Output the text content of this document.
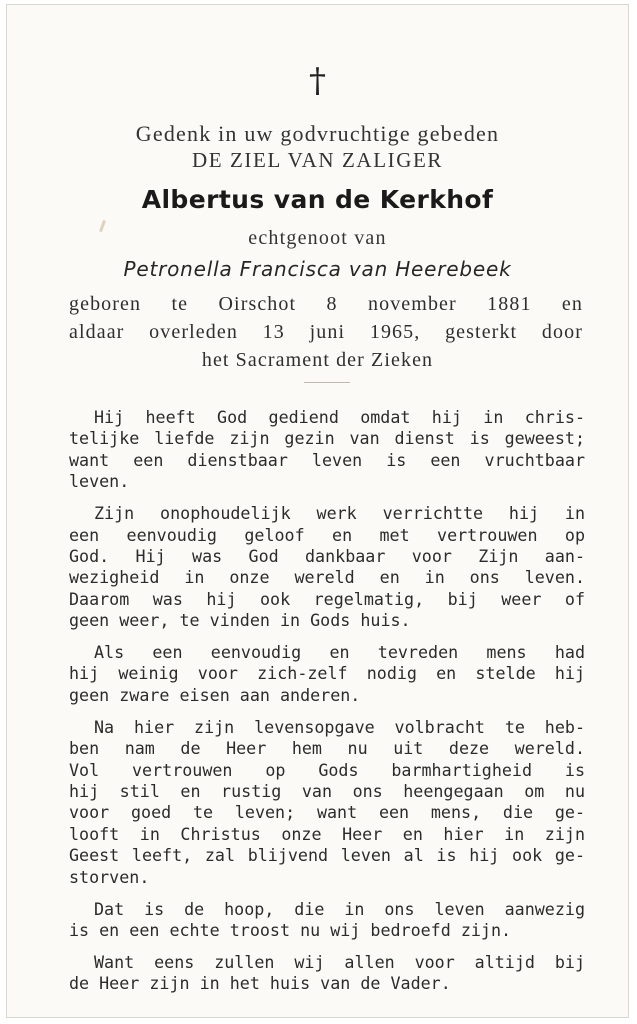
†
Gedenk in uw godvruchtige gebeden
DE ZIEL VAN ZALIGER
Albertus van de Kerkhof
echtgenoot van
Petronella Francisca van Heerebeek
geboren te Oirschot 8 november 1881 en
aldaar overleden 13 juni 1965, gesterkt door
het Sacrament der Zieken
Hij heeft God gediend omdat hij in chris-
telijke liefde zijn gezin van dienst is geweest;
want een dienstbaar leven is een vruchtbaar
leven.
Zijn onophoudelijk werk verrichtte hij in
een eenvoudig geloof en met vertrouwen op
God. Hij was God dankbaar voor Zijn aan-
wezigheid in onze wereld en in ons leven.
Daarom was hij ook regelmatig, bij weer of
geen weer, te vinden in Gods huis.
Als een eenvoudig en tevreden mens had
hij weinig voor zich-zelf nodig en stelde hij
geen zware eisen aan anderen.
Na hier zijn levensopgave volbracht te heb-
ben nam de Heer hem nu uit deze wereld.
Vol vertrouwen op Gods barmhartigheid is
hij stil en rustig van ons heengegaan om nu
voor goed te leven; want een mens, die ge-
looft in Christus onze Heer en hier in zijn
Geest leeft, zal blijvend leven al is hij ook ge-
storven.
Dat is de hoop, die in ons leven aanwezig
is en een echte troost nu wij bedroefd zijn.
Want eens zullen wij allen voor altijd bij
de Heer zijn in het huis van de Vader.
